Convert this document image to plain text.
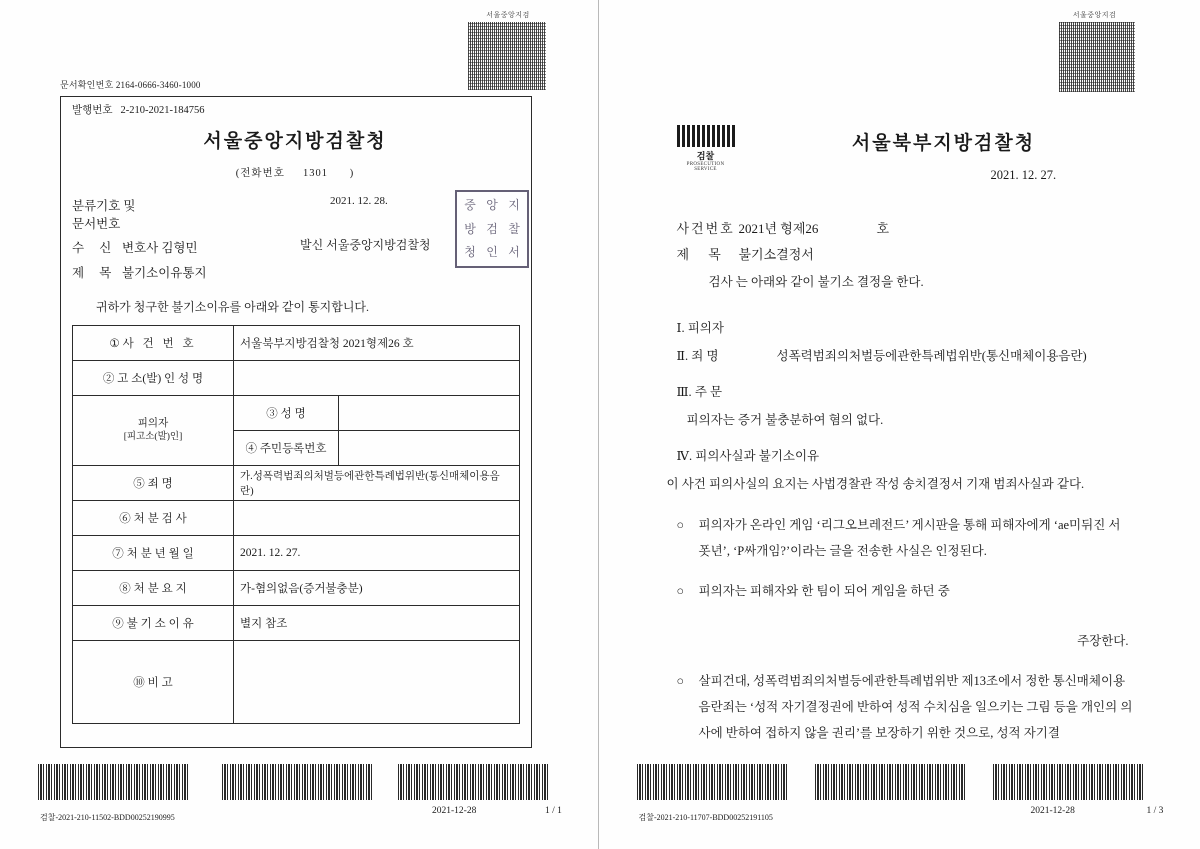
서울중앙지검
문서확인번호 2164-0666-3460-1000
발행번호 2-210-2021-184756
서울중앙지방검찰청
(전화번호 1301 )
2021. 12. 28.
분류기호 및
문서번호
수 신 변호사 김형민	발신 서울중앙지방검찰청
제 목 불기소이유통지
귀하가 청구한 불기소이유를 아래와 같이 통지합니다.
중 앙 지
방 검 찰
청 인 서
① 사 건 번 호	서울북부지방검찰청 2021형제26 호	
② 고 소(발) 인 성 명		
피의자
[피고소(발)인]	③ 성 명	
	④ 주민등록번호	
⑤ 죄 명	가.성폭력범죄의처벌등에관한특례법위반(통신매체이용음란)	
⑥ 처 분 검 사		
⑦ 처 분 년 월 일	2021. 12. 27.	
⑧ 처 분 요 지	가-혐의없음(증거불충분)	
⑨ 불 기 소 이 유	별지 참조	
⑩ 비 고		
검찰-2021-210-11502-BDD00252190995
2021-12-28	1 / 1
서울중앙지검
검찰
PROSECUTION SERVICE
서울북부지방검찰청
2021. 12. 27.
사건번호 2021년 형제26	호
제 목 불기소결정서
검사 는 아래와 같이 불기소 결정을 한다.
Ⅰ. 피의자
Ⅱ. 죄 명	성폭력범죄의처벌등에관한특례법위반(통신매체이용음란)
Ⅲ. 주 문
피의자는 증거 불충분하여 혐의 없다.
Ⅳ. 피의사실과 불기소이유
이 사건 피의사실의 요지는 사법경찰관 작성 송치결정서 기재 범죄사실과 같다.
○ 피의자가 온라인 게임 ‘리그오브레전드’ 게시판을 통해 피해자에게 ‘ae미뒤진 서폿년’, ‘P싸개임?’이라는 글을 전송한 사실은 인정된다.
○ 피의자는 피해자와 한 팀이 되어 게임을 하던 중
주장한다.
○ 살피건대, 성폭력범죄의처벌등에관한특례법위반 제13조에서 정한 통신매체이용음란죄는 ‘성적 자기결정권에 반하여 성적 수치심을 일으키는 그림 등을 개인의 의사에 반하여 접하지 않을 권리’를 보장하기 위한 것으로, 성적 자기결
검찰-2021-210-11707-BDD00252191105
2021-12-28	1 / 3
